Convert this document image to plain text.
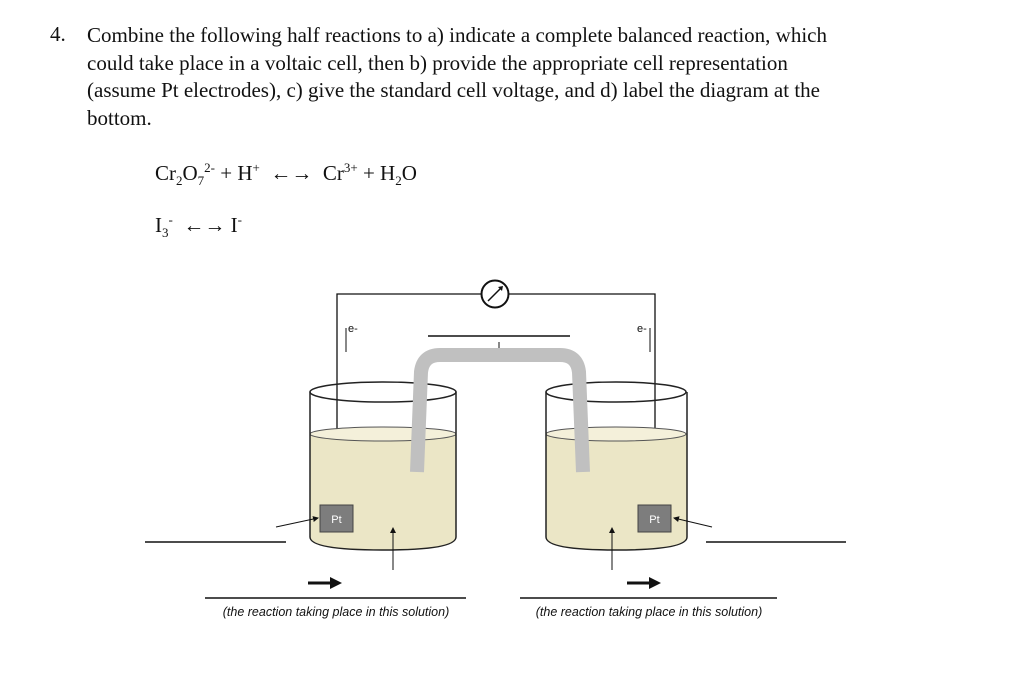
4. Combine the following half reactions to a) indicate a complete balanced reaction, which
could take place in a voltaic cell, then b) provide the appropriate cell representation
(assume Pt electrodes), c) give the standard cell voltage, and d) label the diagram at the
bottom.
$Cr_2O_7^{2-} + H^+$ ←→ $Cr^{3+} + H_2O$
$I_3^-$ ←→ I-
e-	e-
Pt	Pt
(the reaction taking place in this solution)	(the reaction taking place in this solution)
